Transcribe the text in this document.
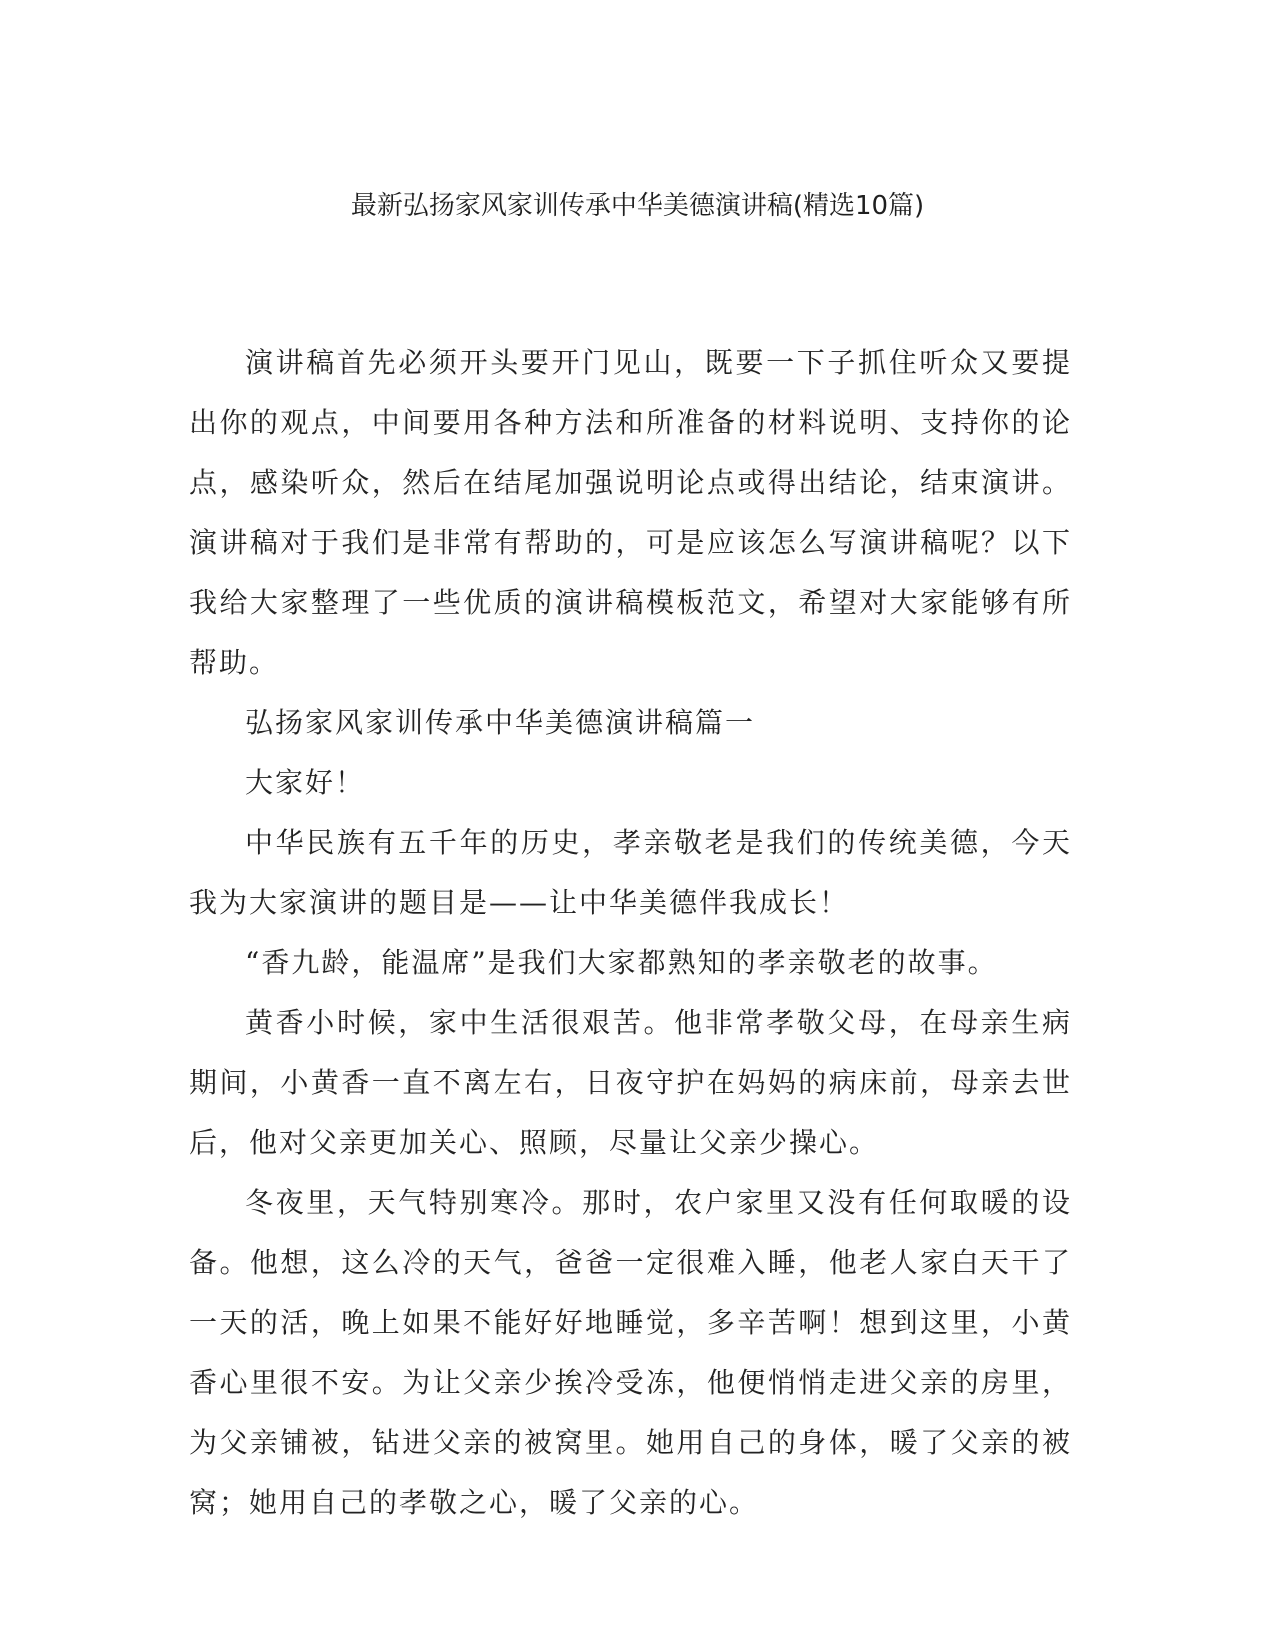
最新弘扬家风家训传承中华美德演讲稿(精选10篇)

演讲稿首先必须开头要开门见山，既要一下子抓住听众又要提出你的观点，中间要用各种方法和所准备的材料说明、支持你的论点，感染听众，然后在结尾加强说明论点或得出结论，结束演讲。演讲稿对于我们是非常有帮助的，可是应该怎么写演讲稿呢？以下我给大家整理了一些优质的演讲稿模板范文，希望对大家能够有所帮助。

弘扬家风家训传承中华美德演讲稿篇一

大家好！

中华民族有五千年的历史，孝亲敬老是我们的传统美德，今天我为大家演讲的题目是——让中华美德伴我成长！

“香九龄，能温席”是我们大家都熟知的孝亲敬老的故事。

黄香小时候，家中生活很艰苦。他非常孝敬父母，在母亲生病期间，小黄香一直不离左右，日夜守护在妈妈的病床前，母亲去世后，他对父亲更加关心、照顾，尽量让父亲少操心。

冬夜里，天气特别寒冷。那时，农户家里又没有任何取暖的设备。他想，这么冷的天气，爸爸一定很难入睡，他老人家白天干了一天的活，晚上如果不能好好地睡觉，多辛苦啊！想到这里，小黄香心里很不安。为让父亲少挨冷受冻，他便悄悄走进父亲的房里，为父亲铺被，钻进父亲的被窝里。她用自己的身体，暖了父亲的被窝；她用自己的孝敬之心，暖了父亲的心。
